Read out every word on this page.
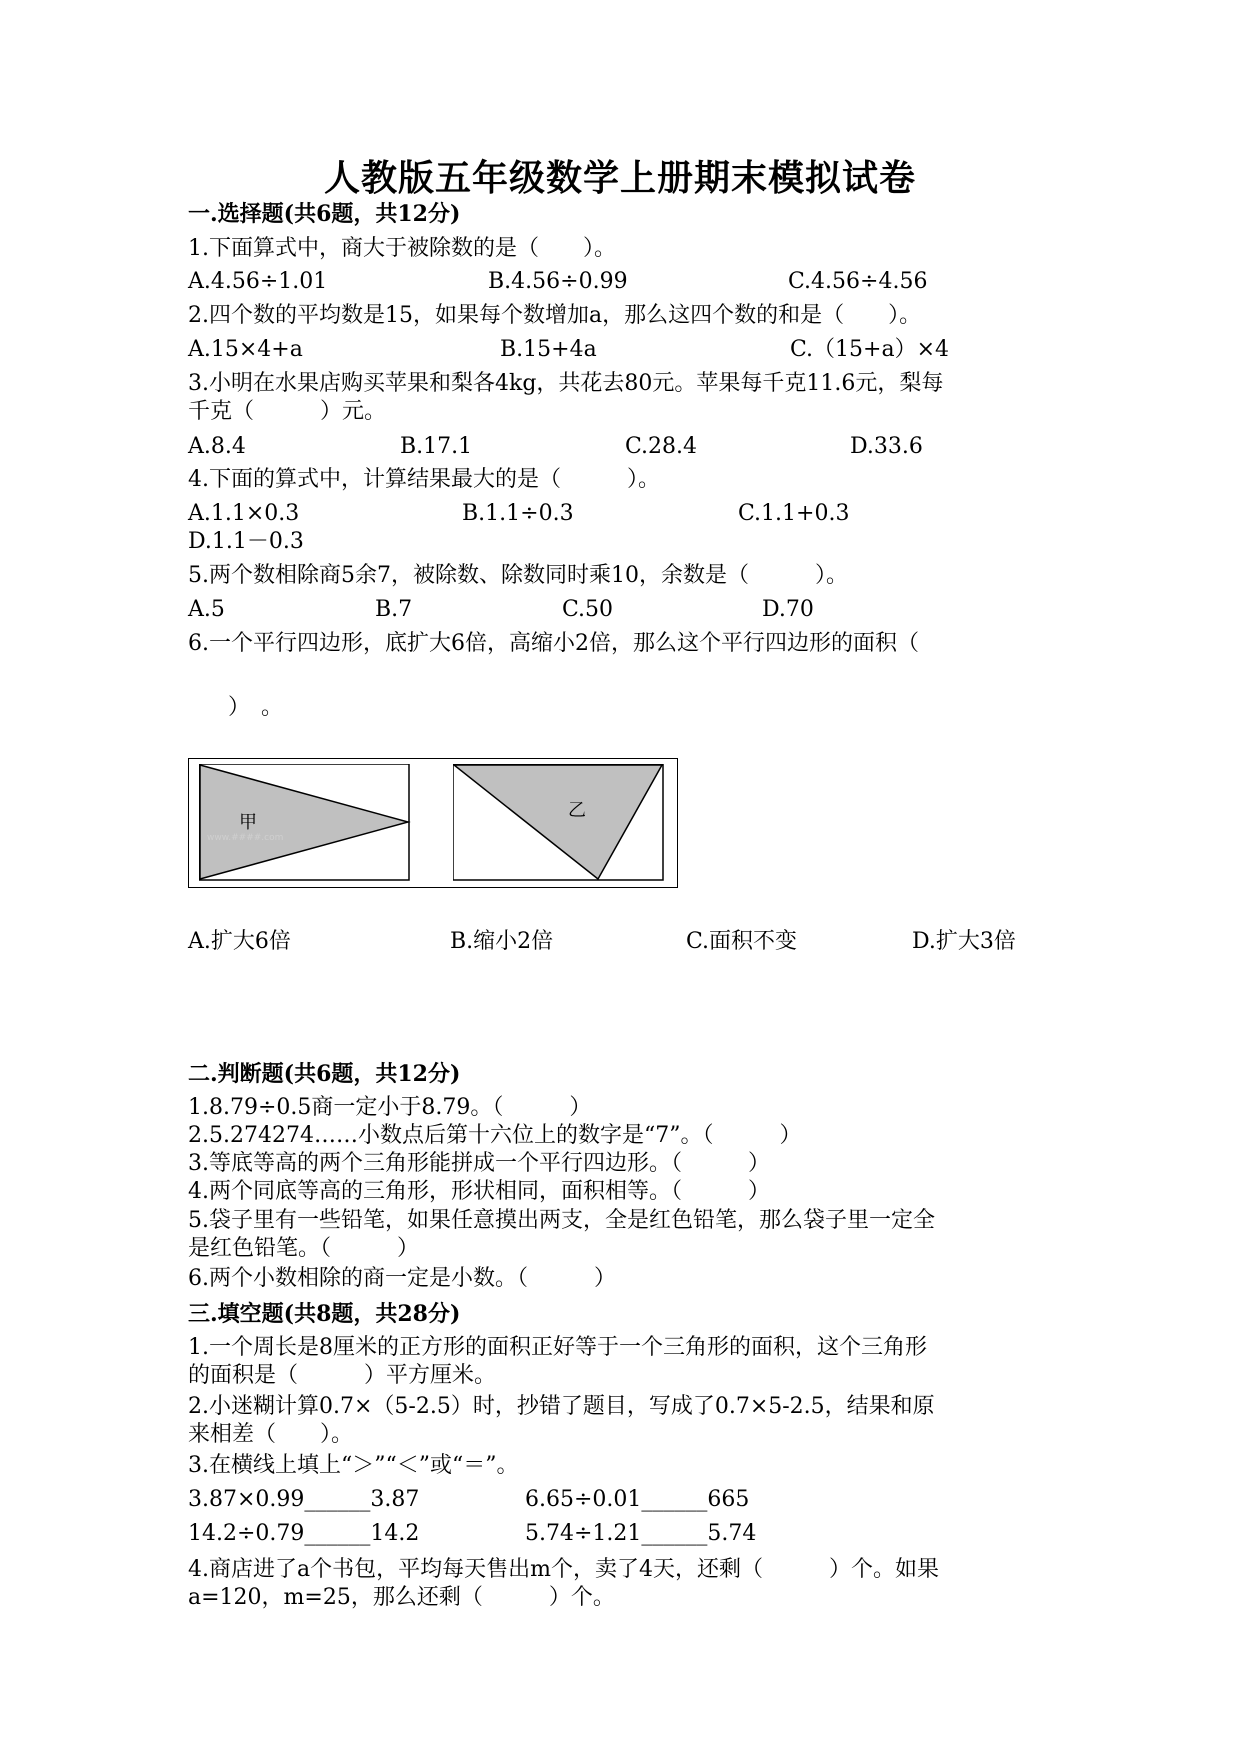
人教版五年级数学上册期末模拟试卷
一.选择题(共6题，共12分)
1.下面算式中，商大于被除数的是（　　）。
A.4.56÷1.01	B.4.56÷0.99	C.4.56÷4.56
2.四个数的平均数是15，如果每个数增加a，那么这四个数的和是（　　）。
A.15×4+a	B.15+4a	C.（15+a）×4
3.小明在水果店购买苹果和梨各4kg，共花去80元。苹果每千克11.6元，梨每
千克（　　　）元。
A.8.4	B.17.1	C.28.4	D.33.6
4.下面的算式中，计算结果最大的是（　　　）。
A.1.1×0.3	B.1.1÷0.3	C.1.1+0.3
D.1.1－0.3
5.两个数相除商5余7，被除数、除数同时乘10，余数是（　　　）。
A.5	B.7	C.50	D.70
6.一个平行四边形，底扩大6倍，高缩小2倍，那么这个平行四边形的面积（
）　。
甲
www.####.com
乙
A.扩大6倍	B.缩小2倍	C.面积不变	D.扩大3倍
二.判断题(共6题，共12分)
1.8.79÷0.5商一定小于8.79。（　　　）
2.5.274274……小数点后第十六位上的数字是“7”。（　　　）
3.等底等高的两个三角形能拼成一个平行四边形。（　　　）
4.两个同底等高的三角形，形状相同，面积相等。（　　　）
5.袋子里有一些铅笔，如果任意摸出两支，全是红色铅笔，那么袋子里一定全
是红色铅笔。（　　　）
6.两个小数相除的商一定是小数。（　　　）
三.填空题(共8题，共28分)
1.一个周长是8厘米的正方形的面积正好等于一个三角形的面积，这个三角形
的面积是（　　　）平方厘米。
2.小迷糊计算0.7×（5-2.5）时，抄错了题目，写成了0.7×5-2.5，结果和原
来相差（　　）。
3.在横线上填上“＞”“＜”或“＝”。
3.87×0.99______3.87	6.65÷0.01______665
14.2÷0.79______14.2	5.74÷1.21______5.74
4.商店进了a个书包，平均每天售出m个，卖了4天，还剩（　　　）个。如果
a=120，m=25，那么还剩（　　　）个。
